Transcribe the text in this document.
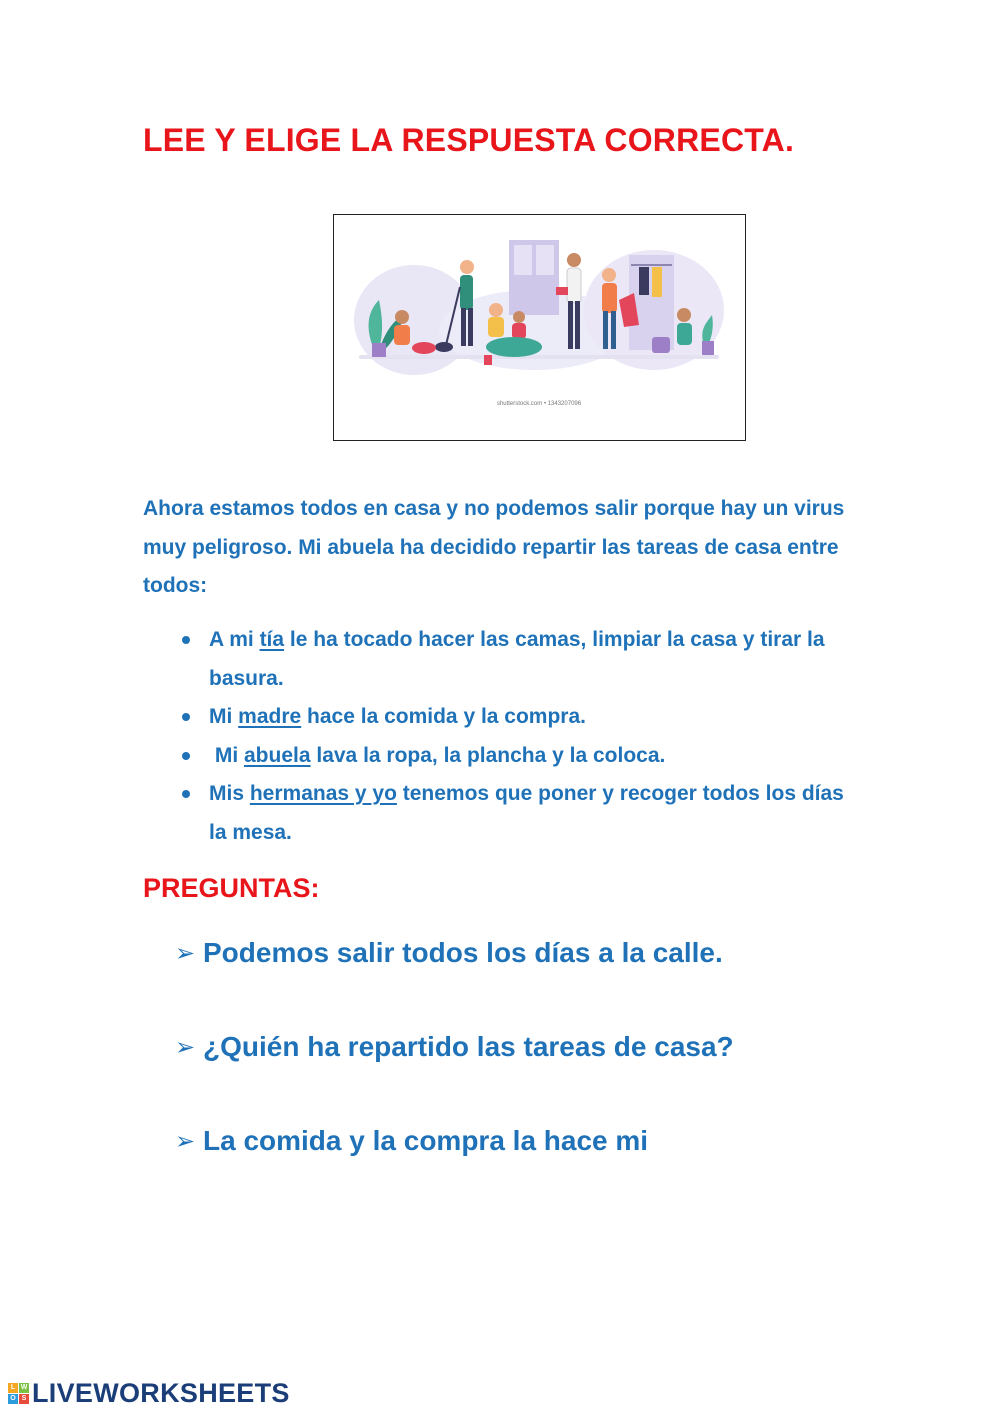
LEE Y ELIGE LA RESPUESTA CORRECTA.
shutterstock.com • 1343207096

Ahora estamos todos en casa y no podemos salir porque hay un virus muy peligroso. Mi abuela ha decidido repartir las tareas de casa entre todos:

A mi tía le ha tocado hacer las camas, limpiar la casa y tirar la basura.
Mi madre hace la comida y la compra.
Mi abuela lava la ropa, la plancha y la coloca.
Mis hermanas y yo tenemos que poner y recoger todos los días la mesa.
PREGUNTAS:

➢ Podemos salir todos los días a la calle.

➢ ¿Quién ha repartido las tareas de casa?

➢ La comida y la compra la hace mi

L W
O S LIVEWORKSHEETS
